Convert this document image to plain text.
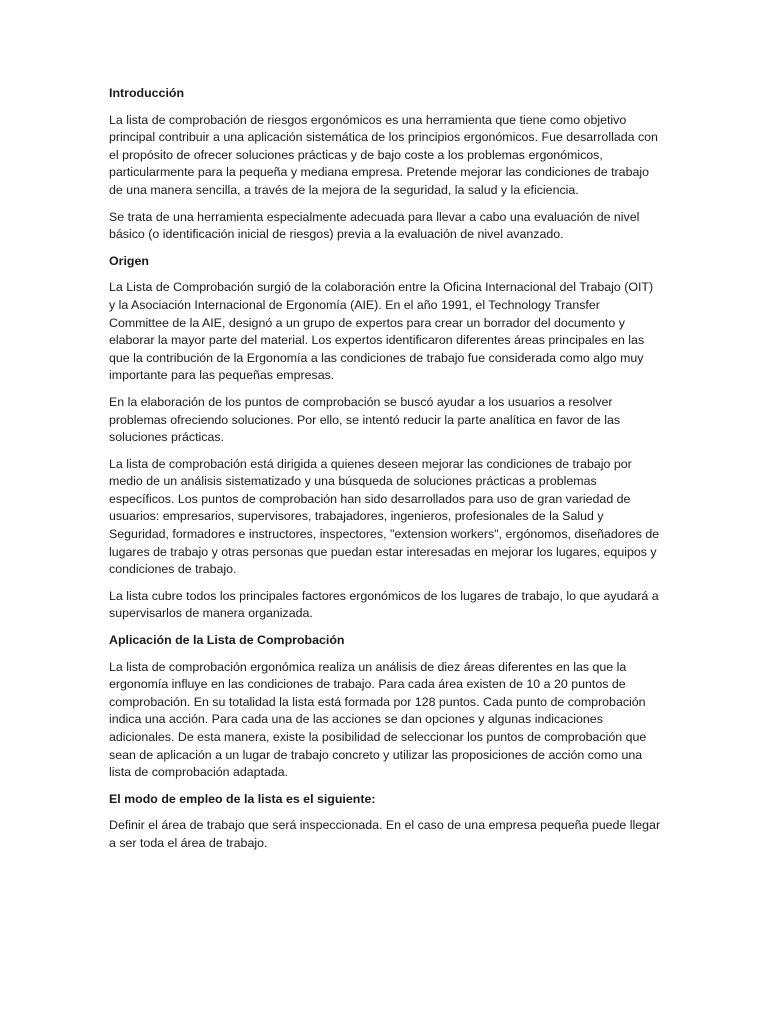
Introducción
La lista de comprobación de riesgos ergonómicos es una herramienta que tiene como objetivo principal contribuir a una aplicación sistemática de los principios ergonómicos. Fue desarrollada con el propósito de ofrecer soluciones prácticas y de bajo coste a los problemas ergonómicos, particularmente para la pequeña y mediana empresa. Pretende mejorar las condiciones de trabajo de una manera sencilla, a través de la mejora de la seguridad, la salud y la eficiencia.
Se trata de una herramienta especialmente adecuada para llevar a cabo una evaluación de nivel básico (o identificación inicial de riesgos) previa a la evaluación de nivel avanzado.
Origen
La Lista de Comprobación surgió de la colaboración entre la Oficina Internacional del Trabajo (OIT) y la Asociación Internacional de Ergonomía (AIE). En el año 1991, el Technology Transfer Committee de la AIE, designó a un grupo de expertos para crear un borrador del documento y elaborar la mayor parte del material. Los expertos identificaron diferentes áreas principales en las que la contribución de la Ergonomía a las condiciones de trabajo fue considerada como algo muy importante para las pequeñas empresas.
En la elaboración de los puntos de comprobación se buscó ayudar a los usuarios a resolver problemas ofreciendo soluciones. Por ello, se intentó reducir la parte analítica en favor de las soluciones prácticas.
La lista de comprobación está dirigida a quienes deseen mejorar las condiciones de trabajo por medio de un análisis sistematizado y una búsqueda de soluciones prácticas a problemas específicos. Los puntos de comprobación han sido desarrollados para uso de gran variedad de usuarios: empresarios, supervisores, trabajadores, ingenieros, profesionales de la Salud y Seguridad, formadores e instructores, inspectores, "extension workers", ergónomos, diseñadores de lugares de trabajo y otras personas que puedan estar interesadas en mejorar los lugares, equipos y condiciones de trabajo.
La lista cubre todos los principales factores ergonómicos de los lugares de trabajo, lo que ayudará a supervisarlos de manera organizada.
Aplicación de la Lista de Comprobación
La lista de comprobación ergonómica realiza un análisis de diez áreas diferentes en las que la ergonomía influye en las condiciones de trabajo. Para cada área existen de 10 a 20 puntos de comprobación. En su totalidad la lista está formada por 128 puntos. Cada punto de comprobación indica una acción. Para cada una de las acciones se dan opciones y algunas indicaciones adicionales. De esta manera, existe la posibilidad de seleccionar los puntos de comprobación que sean de aplicación a un lugar de trabajo concreto y utilizar las proposiciones de acción como una lista de comprobación adaptada.
El modo de empleo de la lista es el siguiente:
Definir el área de trabajo que será inspeccionada. En el caso de una empresa pequeña puede llegar a ser toda el área de trabajo.
